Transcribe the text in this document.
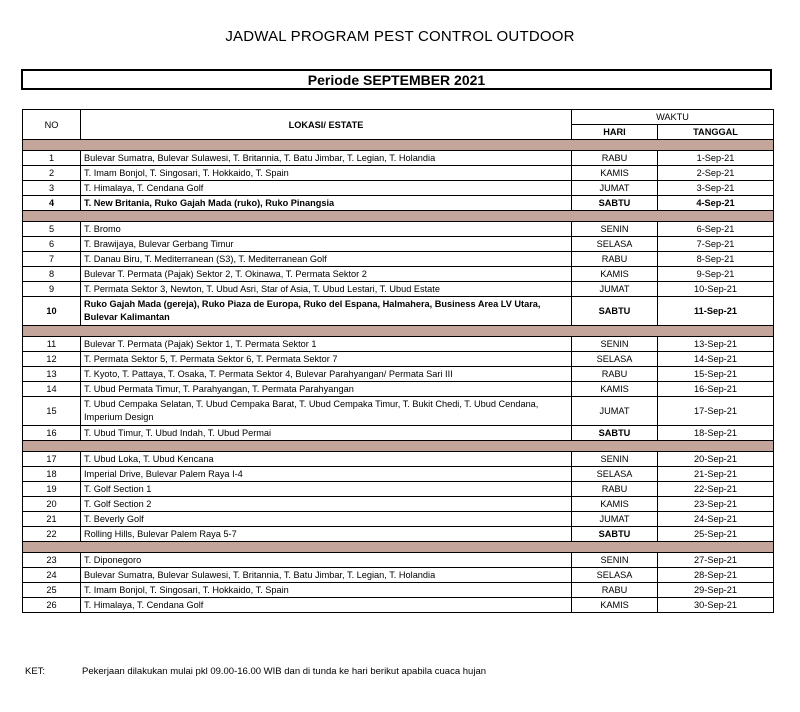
JADWAL PROGRAM PEST CONTROL OUTDOOR
Periode SEPTEMBER 2021
NO	LOKASI/ ESTATE	WAKTU	
		HARI	TANGGAL

1	Bulevar Sumatra, Bulevar Sulawesi, T. Britannia, T. Batu Jimbar, T. Legian, T. Holandia	RABU	1-Sep-21
2	T. Imam Bonjol, T. Singosari, T. Hokkaido, T. Spain	KAMIS	2-Sep-21
3	T. Himalaya, T. Cendana Golf	JUMAT	3-Sep-21
4	T. New Britania, Ruko Gajah Mada (ruko), Ruko Pinangsia	SABTU	4-Sep-21

5	T. Bromo	SENIN	6-Sep-21
6	T. Brawijaya, Bulevar Gerbang Timur	SELASA	7-Sep-21
7	T. Danau Biru, T. Mediterranean (S3), T. Mediterranean Golf	RABU	8-Sep-21
8	Bulevar T. Permata (Pajak) Sektor 2, T. Okinawa, T. Permata Sektor 2	KAMIS	9-Sep-21
9	T. Permata Sektor 3, Newton, T. Ubud Asri, Star of Asia, T. Ubud Lestari, T. Ubud Estate	JUMAT	10-Sep-21
10	Ruko Gajah Mada (gereja), Ruko Piaza de Europa, Ruko del Espana, Halmahera, Business Area LV Utara, Bulevar Kalimantan	SABTU	11-Sep-21

11	Bulevar T. Permata (Pajak) Sektor 1, T. Permata Sektor 1	SENIN	13-Sep-21
12	T. Permata Sektor 5, T. Permata Sektor 6, T. Permata Sektor 7	SELASA	14-Sep-21
13	T. Kyoto, T. Pattaya, T. Osaka, T. Permata Sektor 4, Bulevar Parahyangan/ Permata Sari III	RABU	15-Sep-21
14	T. Ubud Permata Timur, T. Parahyangan, T. Permata Parahyangan	KAMIS	16-Sep-21
15	T. Ubud Cempaka Selatan, T. Ubud Cempaka Barat, T. Ubud Cempaka Timur, T. Bukit Chedi, T. Ubud Cendana, Imperium Design	JUMAT	17-Sep-21
16	T. Ubud Timur, T. Ubud Indah, T. Ubud Permai	SABTU	18-Sep-21

17	T. Ubud Loka, T. Ubud Kencana	SENIN	20-Sep-21
18	Imperial Drive, Bulevar Palem Raya I-4	SELASA	21-Sep-21
19	T. Golf Section 1	RABU	22-Sep-21
20	T. Golf Section 2	KAMIS	23-Sep-21
21	T. Beverly Golf	JUMAT	24-Sep-21
22	Rolling Hills, Bulevar Palem Raya 5-7	SABTU	25-Sep-21

23	T. Diponegoro	SENIN	27-Sep-21
24	Bulevar Sumatra, Bulevar Sulawesi, T. Britannia, T. Batu Jimbar, T. Legian, T. Holandia	SELASA	28-Sep-21
25	T. Imam Bonjol, T. Singosari, T. Hokkaido, T. Spain	RABU	29-Sep-21
26	T. Himalaya, T. Cendana Golf	KAMIS	30-Sep-21
KET:	Pekerjaan dilakukan mulai pkl 09.00-16.00 WIB dan di tunda ke hari berikut apabila cuaca hujan
